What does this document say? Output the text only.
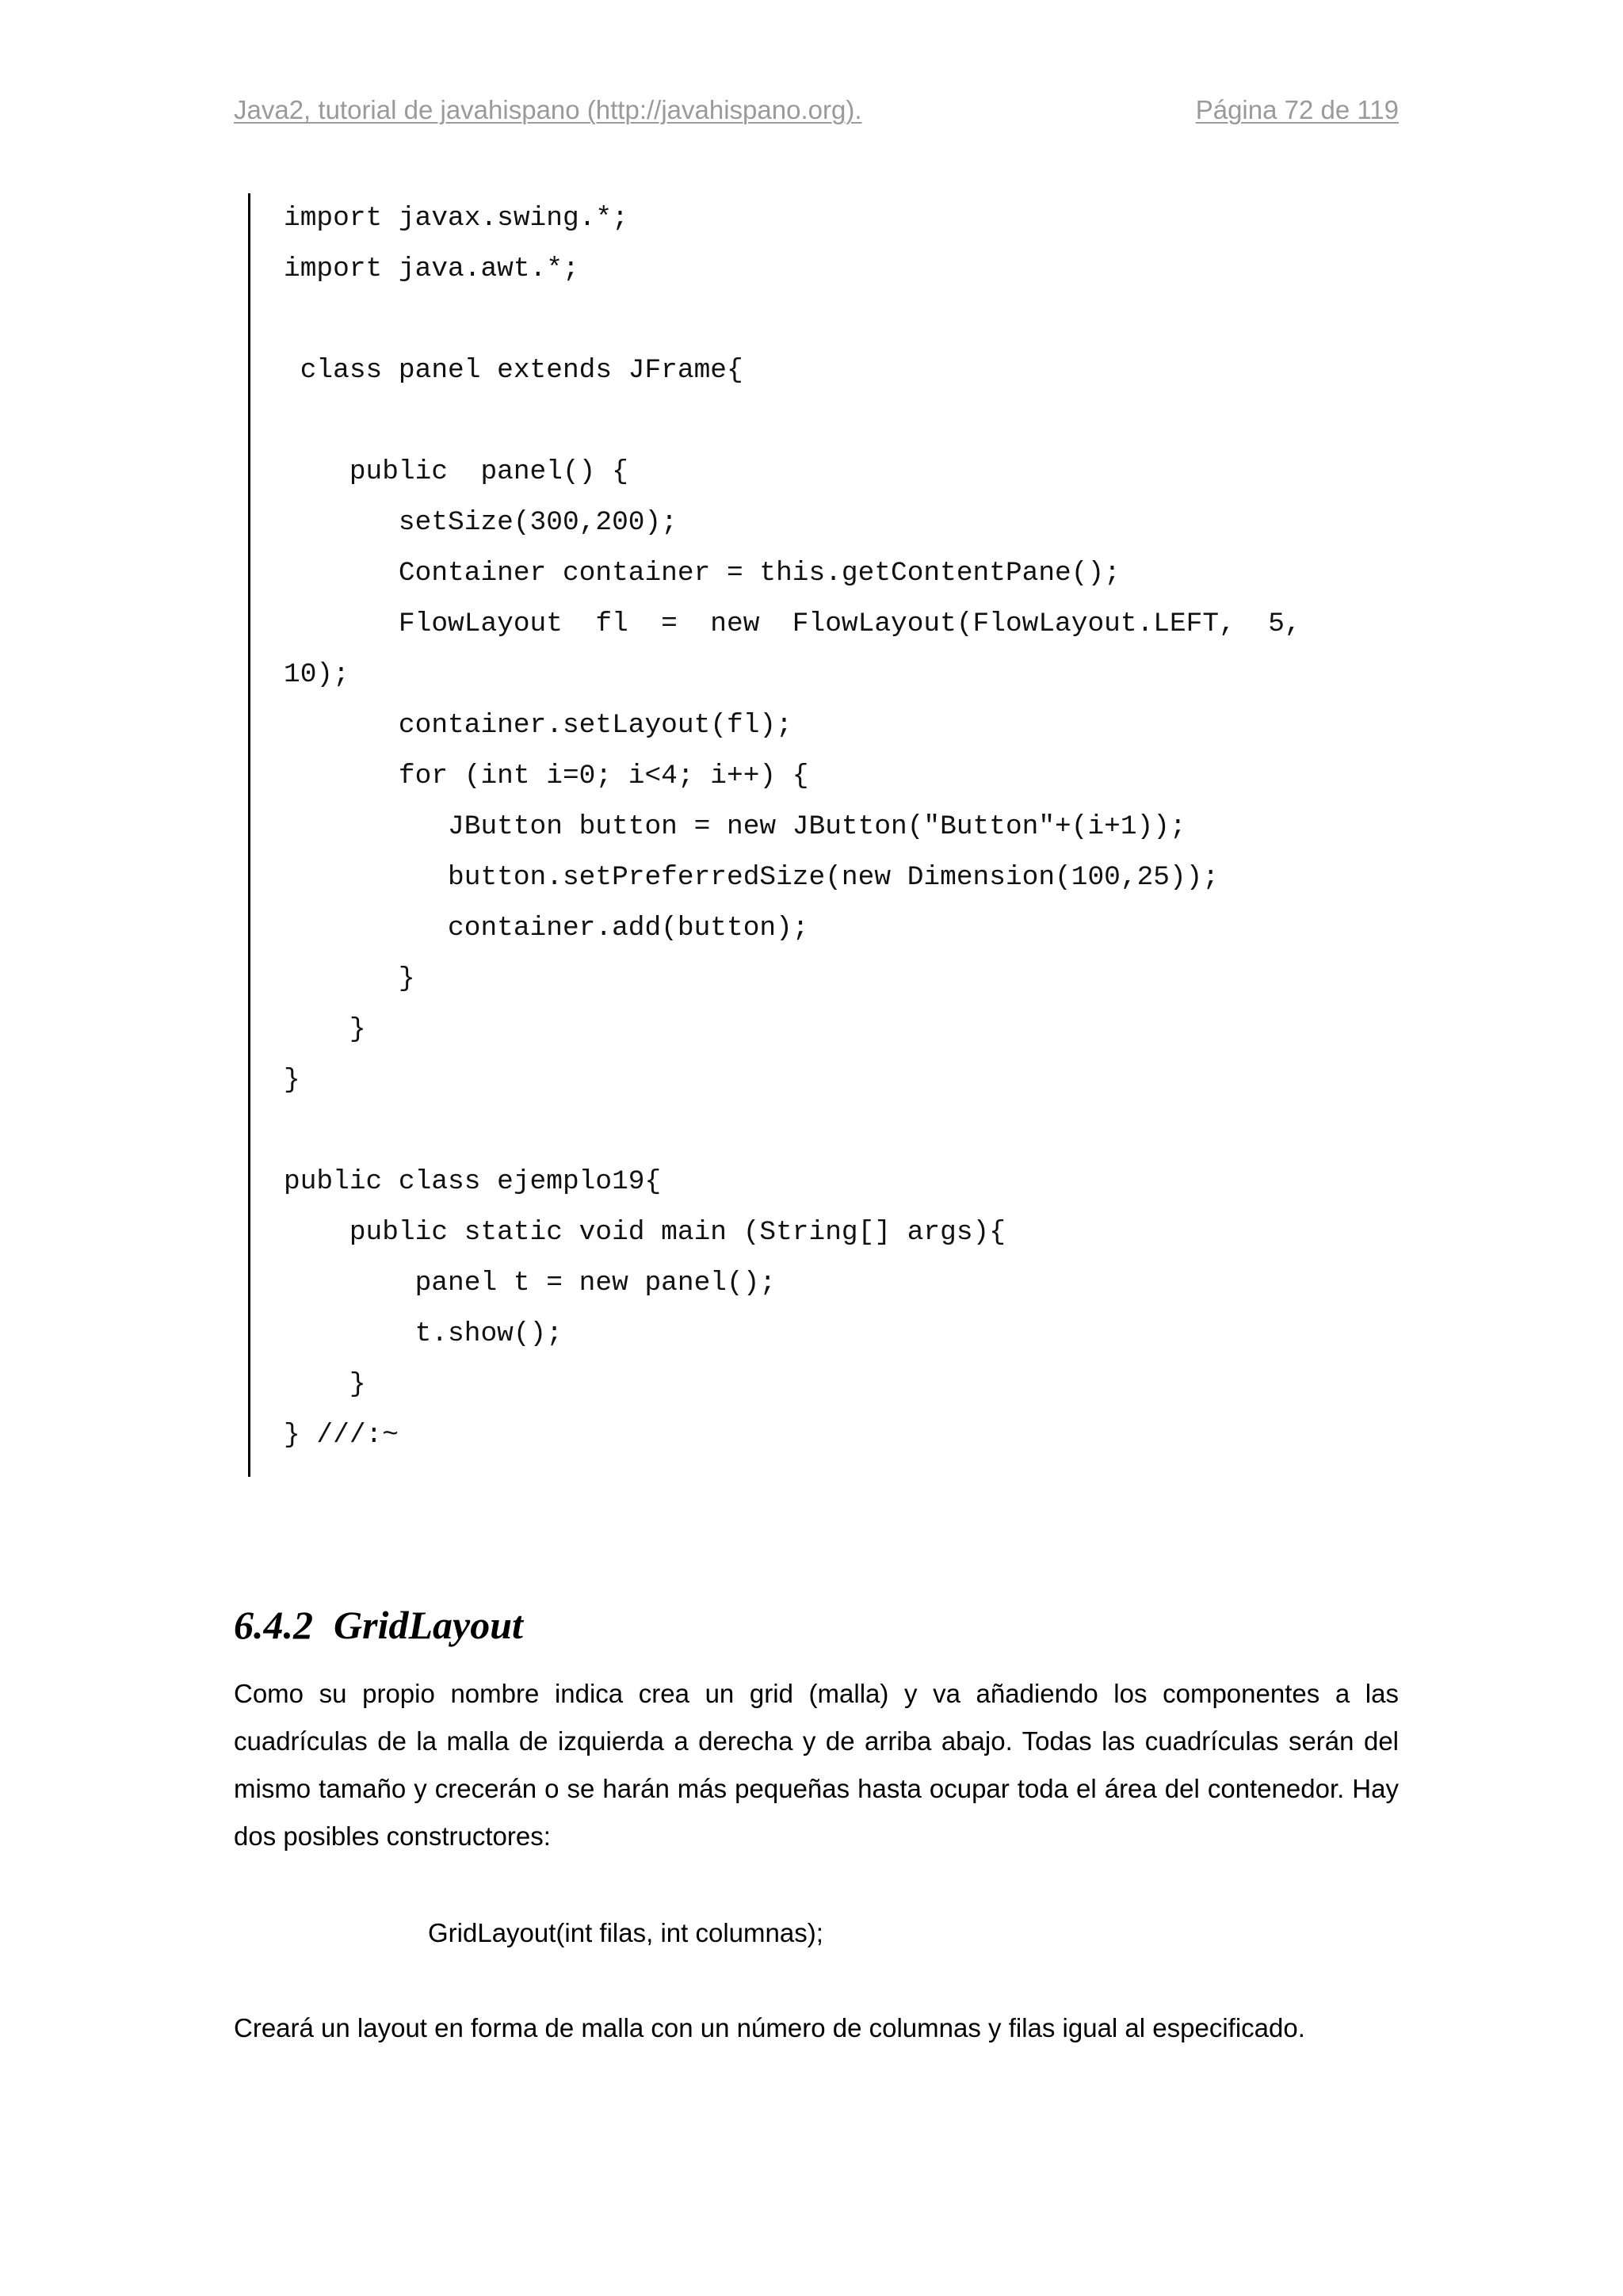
Java2, tutorial de javahispano (http://javahispano.org).	Página 72 de 119
import javax.swing.*;
import java.awt.*;
class panel extends JFrame{
public  panel() {
setSize(300,200);
Container container = this.getContentPane();
FlowLayout  fl  =  new  FlowLayout(FlowLayout.LEFT,  5,
10);
container.setLayout(fl);
for (int i=0; i<4; i++) {
JButton button = new JButton("Button"+(i+1));
button.setPreferredSize(new Dimension(100,25));
container.add(button);
}
}
}
public class ejemplo19{
public static void main (String[] args){
panel t = new panel();
t.show();
}
} ///:~
6.4.2 GridLayout
Como su propio nombre indica crea un grid (malla) y va añadiendo los componentes a las cuadrículas de la malla de izquierda a derecha y de arriba abajo. Todas las cuadrículas serán del mismo tamaño y crecerán o se harán más pequeñas hasta ocupar toda el área del contenedor. Hay dos posibles constructores:
GridLayout(int filas, int columnas);
Creará un layout en forma de malla con un número de columnas y filas igual al especificado.
